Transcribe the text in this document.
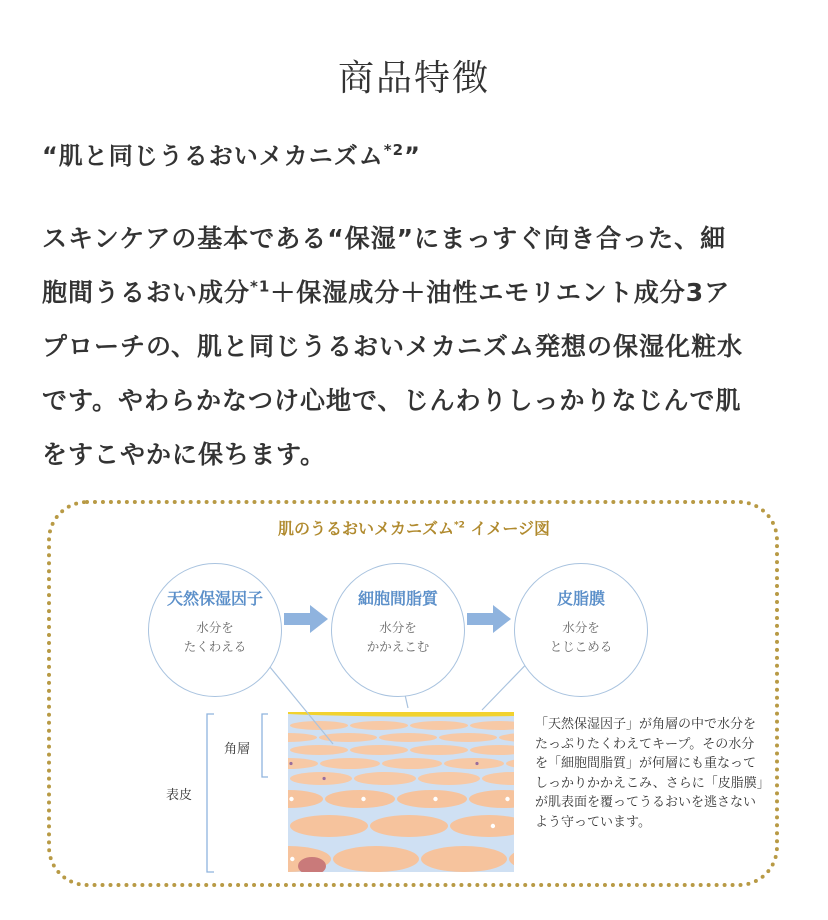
商品特徴
“肌と同じうるおいメカニズム$^{*2}$”
スキンケアの基本である“保湿”にまっすぐ向き合った、細
胞間うるおい成分$^{*1}$＋保湿成分＋油性エモリエント成分3ア
プローチの、肌と同じうるおいメカニズム発想の保湿化粧水
です。やわらかなつけ心地で、じんわりしっかりなじんで肌
をすこやかに保ちます。
肌のうるおいメカニズム$^{*2}$ イメージ図
天然保湿因子
水分を
たくわえる
細胞間脂質
水分を
かかえこむ
皮脂膜
水分を
とじこめる
角層
表皮
「天然保湿因子」が角層の中で水分をたっぷりたくわえてキープ。その水分を「細胞間脂質」が何層にも重なってしっかりかかえこみ、さらに「皮脂膜」が肌表面を覆ってうるおいを逃さないよう守っています。
